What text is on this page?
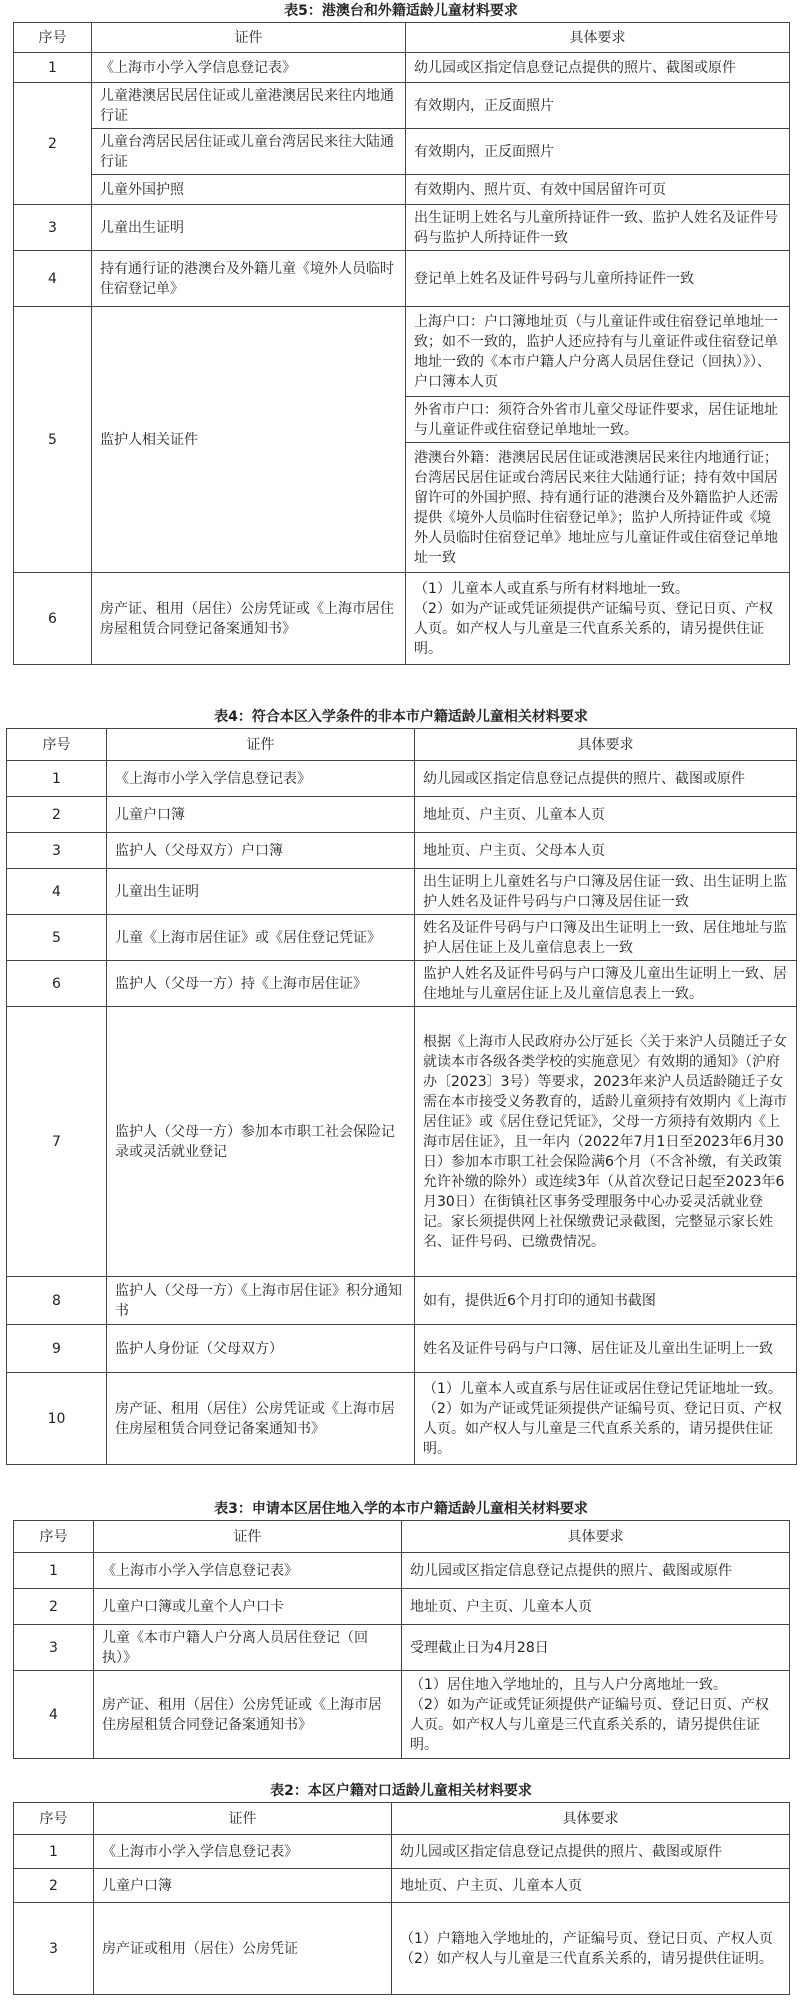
表5：港澳台和外籍适龄儿童材料要求
序号	证件	具体要求
1	《上海市小学入学信息登记表》	幼儿园或区指定信息登记点提供的照片、截图或原件
2	儿童港澳居民居住证或儿童港澳居民来往内地通行证	有效期内，正反面照片
	儿童台湾居民居住证或儿童台湾居民来往大陆通行证	有效期内，正反面照片
	儿童外国护照	有效期内、照片页、有效中国居留许可页
3	儿童出生证明	出生证明上姓名与儿童所持证件一致、监护人姓名及证件号码与监护人所持证件一致
4	持有通行证的港澳台及外籍儿童《境外人员临时住宿登记单》	登记单上姓名及证件号码与儿童所持证件一致
5	监护人相关证件	上海户口：户口簿地址页（与儿童证件或住宿登记单地址一致；如不一致的，监护人还应持有与儿童证件或住宿登记单地址一致的《本市户籍人户分离人员居住登记（回执）》）、户口簿本人页
		外省市户口：须符合外省市儿童父母证件要求，居住证地址与儿童证件或住宿登记单地址一致。
		港澳台外籍：港澳居民居住证或港澳居民来往内地通行证；台湾居民居住证或台湾居民来往大陆通行证；持有效中国居留许可的外国护照、持有通行证的港澳台及外籍监护人还需提供《境外人员临时住宿登记单》；监护人所持证件或《境外人员临时住宿登记单》地址应与儿童证件或住宿登记单地址一致
6	房产证、租用（居住）公房凭证或《上海市居住房屋租赁合同登记备案通知书》	（1）儿童本人或直系与所有材料地址一致。
（2）如为产证或凭证须提供产证编号页、登记日页、产权人页。如产权人与儿童是三代直系关系的，请另提供住证明。
表4：符合本区入学条件的非本市户籍适龄儿童相关材料要求
序号	证件	具体要求
1	《上海市小学入学信息登记表》	幼儿园或区指定信息登记点提供的照片、截图或原件
2	儿童户口簿	地址页、户主页、儿童本人页
3	监护人（父母双方）户口簿	地址页、户主页、父母本人页
4	儿童出生证明	出生证明上儿童姓名与户口簿及居住证一致、出生证明上监护人姓名及证件号码与户口簿及居住证一致
5	儿童《上海市居住证》或《居住登记凭证》	姓名及证件号码与户口簿及出生证明上一致、居住地址与监护人居住证上及儿童信息表上一致
6	监护人（父母一方）持《上海市居住证》	监护人姓名及证件号码与户口簿及儿童出生证明上一致、居住地址与儿童居住证上及儿童信息表上一致。
7	监护人（父母一方）参加本市职工社会保险记录或灵活就业登记	根据《上海市人民政府办公厅延长〈关于来沪人员随迁子女就读本市各级各类学校的实施意见〉有效期的通知》（沪府办〔2023〕3号）等要求，2023年来沪人员适龄随迁子女需在本市接受义务教育的，适龄儿童须持有效期内《上海市居住证》或《居住登记凭证》，父母一方须持有效期内《上海市居住证》，且一年内（2022年7月1日至2023年6月30日）参加本市职工社会保险满6个月（不含补缴，有关政策允许补缴的除外）或连续3年（从首次登记日起至2023年6月30日）在街镇社区事务受理服务中心办妥灵活就业登记。家长须提供网上社保缴费记录截图，完整显示家长姓名、证件号码、已缴费情况。
8	监护人（父母一方）《上海市居住证》积分通知书	如有，提供近6个月打印的通知书截图
9	监护人身份证（父母双方）	姓名及证件号码与户口簿、居住证及儿童出生证明上一致
10	房产证、租用（居住）公房凭证或《上海市居住房屋租赁合同登记备案通知书》	（1）儿童本人或直系与居住证或居住登记凭证地址一致。
（2）如为产证或凭证须提供产证编号页、登记日页、产权人页。如产权人与儿童是三代直系关系的，请另提供住证明。
表3：申请本区居住地入学的本市户籍适龄儿童相关材料要求
序号	证件	具体要求
1	《上海市小学入学信息登记表》	幼儿园或区指定信息登记点提供的照片、截图或原件
2	儿童户口簿或儿童个人户口卡	地址页、户主页、儿童本人页
3	儿童《本市户籍人户分离人员居住登记（回执）》	受理截止日为4月28日
4	房产证、租用（居住）公房凭证或《上海市居住房屋租赁合同登记备案通知书》	（1）居住地入学地址的，且与人户分离地址一致。
（2）如为产证或凭证须提供产证编号页、登记日页、产权人页。如产权人与儿童是三代直系关系的，请另提供住证明。
表2：本区户籍对口适龄儿童相关材料要求
序号	证件	具体要求
1	《上海市小学入学信息登记表》	幼儿园或区指定信息登记点提供的照片、截图或原件
2	儿童户口簿	地址页、户主页、儿童本人页
3	房产证或租用（居住）公房凭证	（1）户籍地入学地址的，产证编号页、登记日页、产权人页
（2）如产权人与儿童是三代直系关系的，请另提供住证明。
